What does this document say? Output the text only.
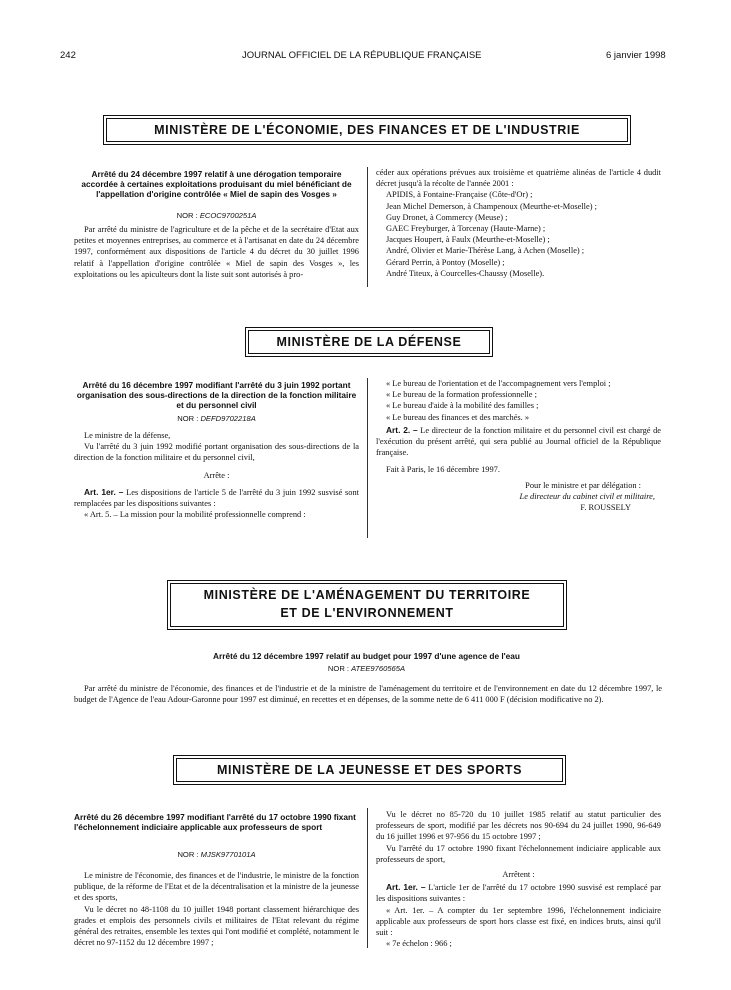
242	JOURNAL OFFICIEL DE LA RÉPUBLIQUE FRANÇAISE	6 janvier 1998
MINISTÈRE DE L'ÉCONOMIE, DES FINANCES ET DE L'INDUSTRIE
Arrêté du 24 décembre 1997 relatif à une dérogation temporaire accordée à certaines exploitations produisant du miel bénéficiant de l'appellation d'origine contrôlée « Miel de sapin des Vosges »
NOR : ECOC9700251A

Par arrêté du ministre de l'agriculture et de la pêche et de la secrétaire d'Etat aux petites et moyennes entreprises, au commerce et à l'artisanat en date du 24 décembre 1997, conformément aux dispositions de l'article 4 du décret du 30 juillet 1996 relatif à l'appellation d'origine contrôlée « Miel de sapin des Vosges », les exploitations ou les apiculteurs dont la liste suit sont autorisés à pro-

céder aux opérations prévues aux troisième et quatrième alinéas de l'article 4 dudit décret jusqu'à la récolte de l'année 2001 :

APIDIS, à Fontaine-Française (Côte-d'Or) ;

Jean Michel Demerson, à Champenoux (Meurthe-et-Moselle) ;

Guy Dronet, à Commercy (Meuse) ;

GAEC Freyburger, à Torcenay (Haute-Marne) ;

Jacques Houpert, à Faulx (Meurthe-et-Moselle) ;

André, Olivier et Marie-Thérèse Lang, à Achen (Moselle) ;

Gérard Perrin, à Pontoy (Moselle) ;

André Titeux, à Courcelles-Chaussy (Moselle).

MINISTÈRE DE LA DÉFENSE
Arrêté du 16 décembre 1997 modifiant l'arrêté du 3 juin 1992 portant organisation des sous-directions de la direction de la fonction militaire et du personnel civil
NOR : DEFD9702218A

Le ministre de la défense,

Vu l'arrêté du 3 juin 1992 modifié portant organisation des sous-directions de la direction de la fonction militaire et du personnel civil,

Arrête :

Art. 1er. – Les dispositions de l'article 5 de l'arrêté du 3 juin 1992 susvisé sont remplacées par les dispositions suivantes :

« Art. 5. – La mission pour la mobilité professionnelle comprend :

« Le bureau de l'orientation et de l'accompagnement vers l'emploi ;

« Le bureau de la formation professionnelle ;

« Le bureau d'aide à la mobilité des familles ;

« Le bureau des finances et des marchés. »

Art. 2. – Le directeur de la fonction militaire et du personnel civil est chargé de l'exécution du présent arrêté, qui sera publié au Journal officiel de la République française.

Fait à Paris, le 16 décembre 1997.

Pour le ministre et par délégation :

Le directeur du cabinet civil et militaire,

F. ROUSSELY

MINISTÈRE DE L'AMÉNAGEMENT DU TERRITOIRE
ET DE L'ENVIRONNEMENT
Arrêté du 12 décembre 1997 relatif au budget pour 1997 d'une agence de l'eau
NOR : ATEE9760565A

Par arrêté du ministre de l'économie, des finances et de l'industrie et de la ministre de l'aménagement du territoire et de l'environnement en date du 12 décembre 1997, le budget de l'Agence de l'eau Adour-Garonne pour 1997 est diminué, en recettes et en dépenses, de la somme nette de 6 411 000 F (décision modificative no 2).

MINISTÈRE DE LA JEUNESSE ET DES SPORTS
Arrêté du 26 décembre 1997 modifiant l'arrêté du 17 octobre 1990 fixant l'échelonnement indiciaire applicable aux professeurs de sport
NOR : MJSK9770101A

Le ministre de l'économie, des finances et de l'industrie, le ministre de la fonction publique, de la réforme de l'Etat et de la décentralisation et la ministre de la jeunesse et des sports,

Vu le décret no 48-1108 du 10 juillet 1948 portant classement hiérarchique des grades et emplois des personnels civils et militaires de l'Etat relevant du régime général des retraites, ensemble les textes qui l'ont modifié et complété, notamment le décret no 97-1152 du 12 décembre 1997 ;

Vu le décret no 85-720 du 10 juillet 1985 relatif au statut particulier des professeurs de sport, modifié par les décrets nos 90-694 du 24 juillet 1990, 96-649 du 16 juillet 1996 et 97-956 du 15 octobre 1997 ;

Vu l'arrêté du 17 octobre 1990 fixant l'échelonnement indiciaire applicable aux professeurs de sport,

Arrêtent :

Art. 1er. – L'article 1er de l'arrêté du 17 octobre 1990 susvisé est remplacé par les dispositions suivantes :

« Art. 1er. – A compter du 1er septembre 1996, l'échelonnement indiciaire applicable aux professeurs de sport hors classe est fixé, en indices bruts, ainsi qu'il suit :

« 7e échelon : 966 ;
